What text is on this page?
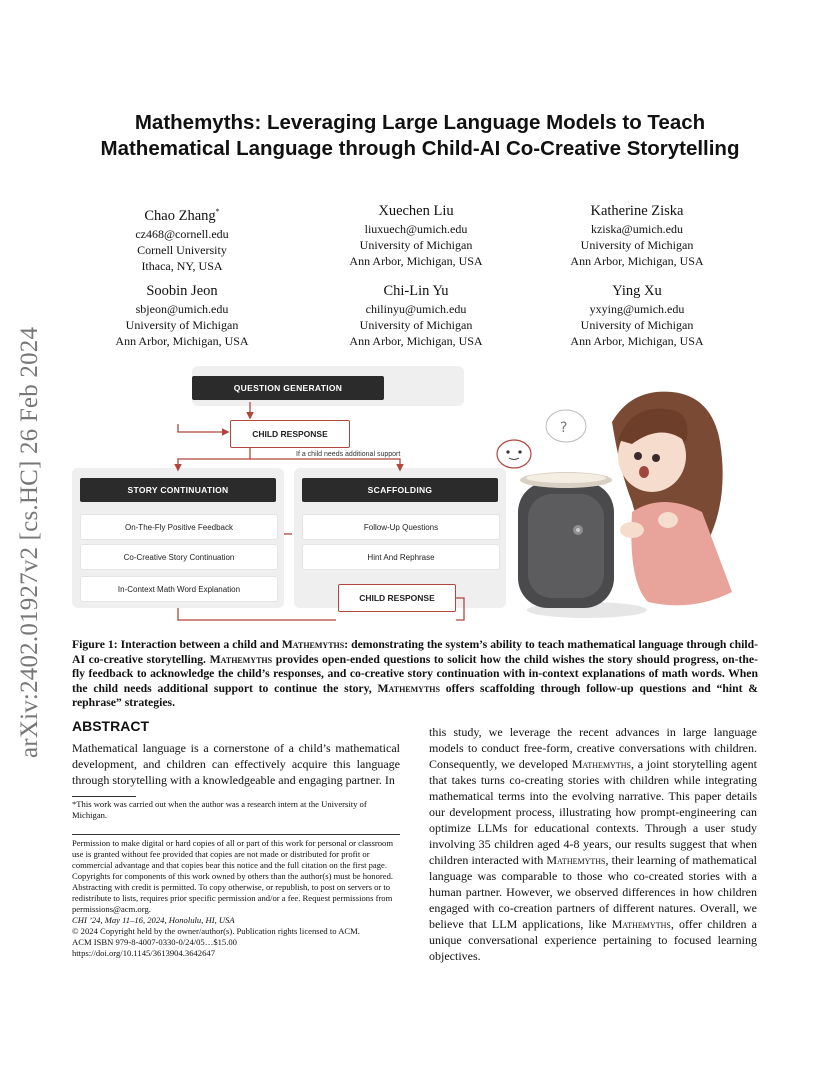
arXiv:2402.01927v2 [cs.HC] 26 Feb 2024
Mathemyths: Leveraging Large Language Models to Teach Mathematical Language through Child-AI Co-Creative Storytelling
Chao Zhang*
cz468@cornell.edu
Cornell University
Ithaca, NY, USA
Xuechen Liu
liuxuech@umich.edu
University of Michigan
Ann Arbor, Michigan, USA
Katherine Ziska
kziska@umich.edu
University of Michigan
Ann Arbor, Michigan, USA
Soobin Jeon
sbjeon@umich.edu
University of Michigan
Ann Arbor, Michigan, USA
Chi-Lin Yu
chilinyu@umich.edu
University of Michigan
Ann Arbor, Michigan, USA
Ying Xu
yxying@umich.edu
University of Michigan
Ann Arbor, Michigan, USA
?
QUESTION GENERATION
CHILD RESPONSE
If a child needs additional support
STORY CONTINUATION
On-The-Fly Positive Feedback
Co-Creative Story Continuation
In-Context Math Word Explanation
SCAFFOLDING
Follow-Up Questions
Hint And Rephrase
CHILD RESPONSE
Figure 1: Interaction between a child and Mathemyths: demonstrating the system’s ability to teach mathematical language through child-AI co-creative storytelling. Mathemyths provides open-ended questions to solicit how the child wishes the story should progress, on-the-fly feedback to acknowledge the child’s responses, and co-creative story continuation with in-context explanations of math words. When the child needs additional support to continue the story, Mathemyths offers scaffolding through follow-up questions and “hint & rephrase” strategies.
ABSTRACT
Mathematical language is a cornerstone of a child’s mathematical development, and children can effectively acquire this language through storytelling with a knowledgeable and engaging partner. In
*This work was carried out when the author was a research intern at the University of Michigan.
Permission to make digital or hard copies of all or part of this work for personal or classroom use is granted without fee provided that copies are not made or distributed for profit or commercial advantage and that copies bear this notice and the full citation on the first page. Copyrights for components of this work owned by others than the author(s) must be honored. Abstracting with credit is permitted. To copy otherwise, or republish, to post on servers or to redistribute to lists, requires prior specific permission and/or a fee. Request permissions from permissions@acm.org.
CHI ’24, May 11–16, 2024, Honolulu, HI, USA
© 2024 Copyright held by the owner/author(s). Publication rights licensed to ACM.
ACM ISBN 979-8-4007-0330-0/24/05…$15.00
https://doi.org/10.1145/3613904.3642647
this study, we leverage the recent advances in large language models to conduct free-form, creative conversations with children. Consequently, we developed Mathemyths, a joint storytelling agent that takes turns co-creating stories with children while integrating mathematical terms into the evolving narrative. This paper details our development process, illustrating how prompt-engineering can optimize LLMs for educational contexts. Through a user study involving 35 children aged 4-8 years, our results suggest that when children interacted with Mathemyths, their learning of mathematical language was comparable to those who co-created stories with a human partner. However, we observed differences in how children engaged with co-creation partners of different natures. Overall, we believe that LLM applications, like Mathemyths, offer children a unique conversational experience pertaining to focused learning objectives.
